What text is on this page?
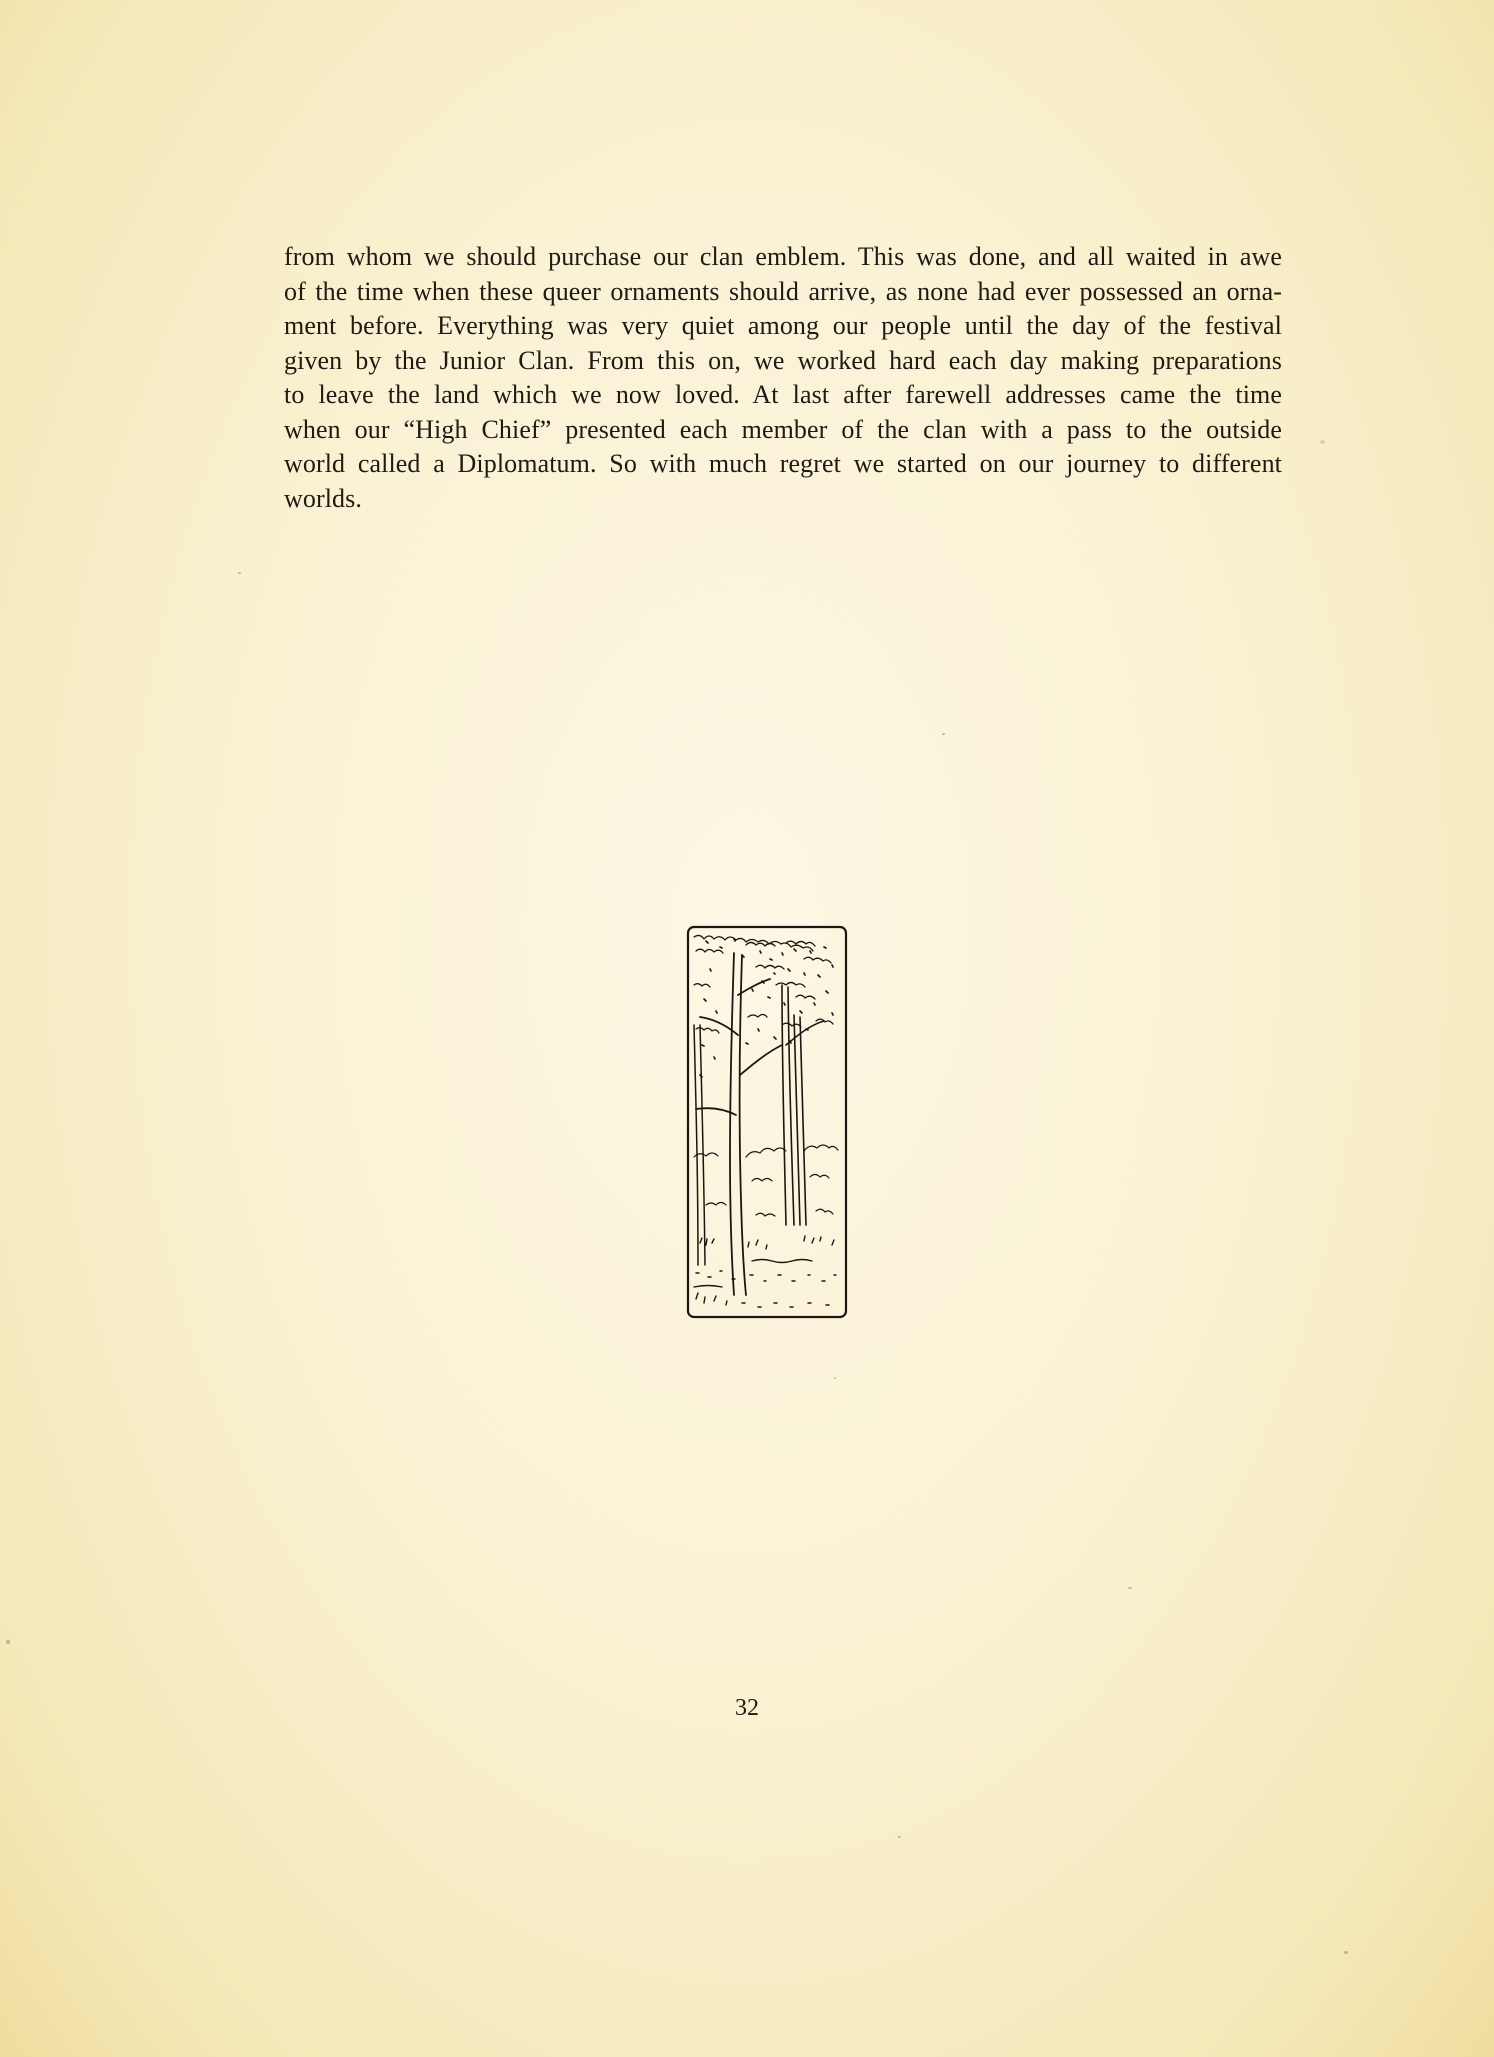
from whom we should purchase our clan emblem. This was done, and all waited in awe
of the time when these queer ornaments should arrive, as none had ever possessed an orna-
ment before. Everything was very quiet among our people until the day of the festival
given by the Junior Clan. From this on, we worked hard each day making preparations
to leave the land which we now loved. At last after farewell addresses came the time
when our “High Chief” presented each member of the clan with a pass to the outside
world called a Diplomatum. So with much regret we started on our journey to different
worlds.
32
